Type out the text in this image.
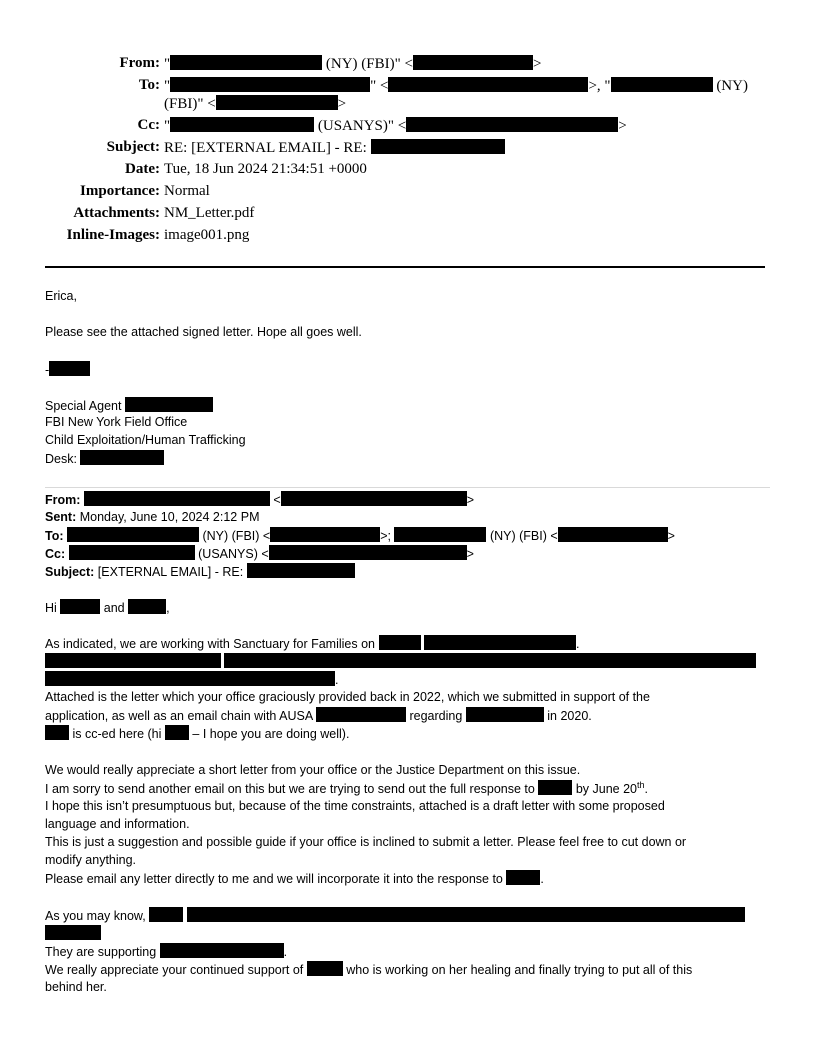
From: "	(NY) (FBI)" <	>
To: "	" <	>, "	(NY)
(FBI)" <	>
Cc: "	(USANYS)" <	>
Subject: RE: [EXTERNAL EMAIL] - RE:
Date: Tue, 18 Jun 2024 21:34:51 +0000
Importance: Normal
Attachments: NM_Letter.pdf
Inline-Images: image001.png
Erica,
Please see the attached signed letter. Hope all goes well.
-
Special Agent
FBI New York Field Office
Child Exploitation/Human Trafficking
Desk:
From:	<	>
Sent: Monday, June 10, 2024 2:12 PM
To:	(NY) (FBI) <	>;	(NY) (FBI) <	>
Cc:	(USANYS) <	>
Subject: [EXTERNAL EMAIL] - RE:
Hi	and	,
As indicated, we are working with Sanctuary for Families on	.

.
Attached is the letter which your office graciously provided back in 2022, which we submitted in support of the
application, as well as an email chain with AUSA	regarding	in 2020.
is cc-ed here (hi – I hope you are doing well).
We would really appreciate a short letter from your office or the Justice Department on this issue.
I am sorry to send another email on this but we are trying to send out the full response to	by June 20th.
I hope this isn’t presumptuous but, because of the time constraints, attached is a draft letter with some proposed
language and information.
This is just a suggestion and possible guide if your office is inclined to submit a letter. Please feel free to cut down or
modify anything.
Please email any letter directly to me and we will incorporate it into the response to	.
As you may know,
They are supporting	.
We really appreciate your continued support of	who is working on her healing and finally trying to put all of this
behind her.
